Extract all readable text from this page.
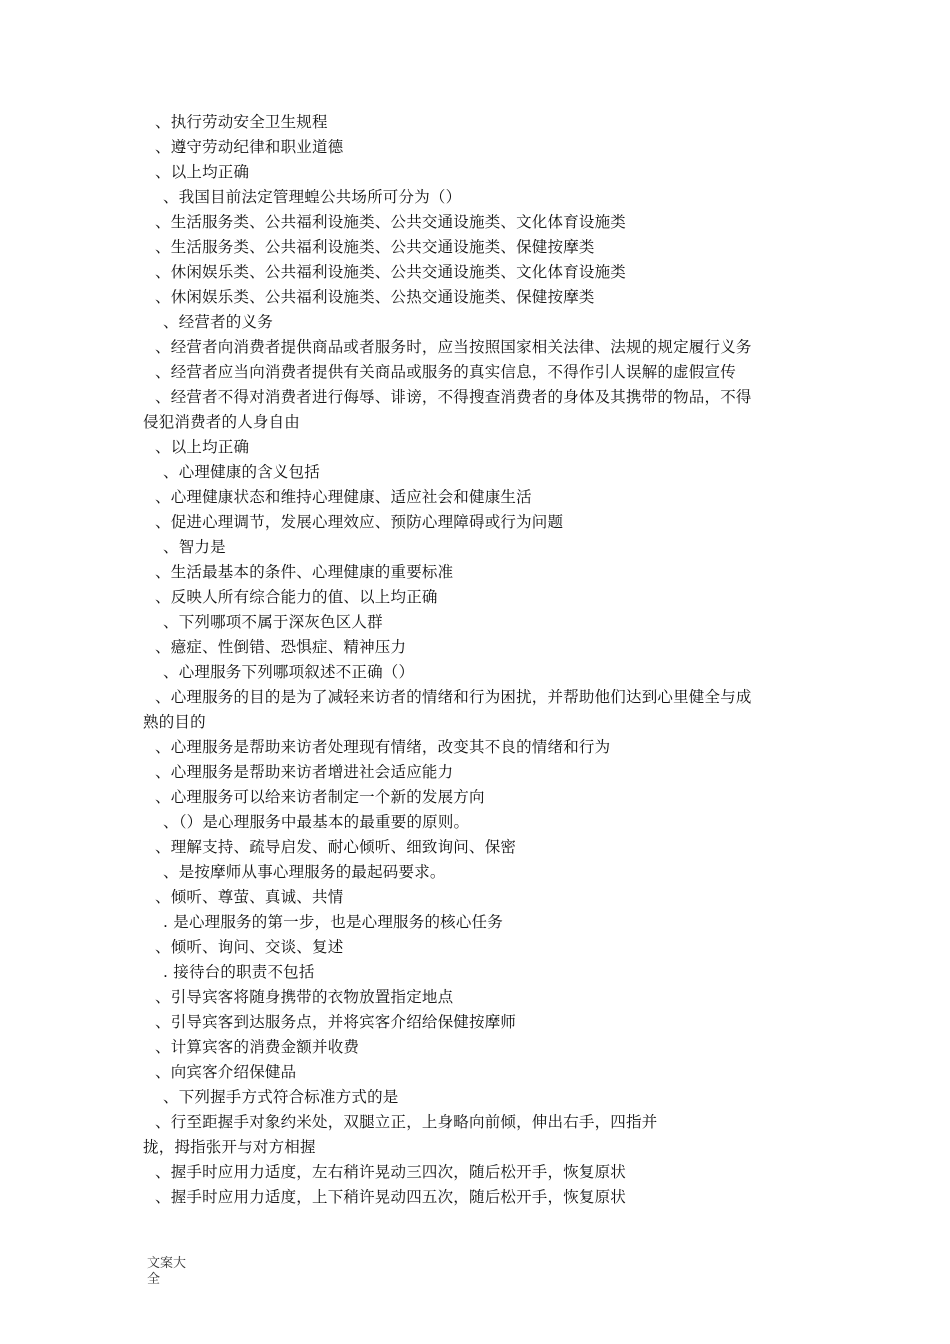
、执行劳动安全卫生规程
、遵守劳动纪律和职业道德
、以上均正确
、我国目前法定管理蝗公共场所可分为（）
、生活服务类、公共福利设施类、公共交通设施类、文化体育设施类
、生活服务类、公共福利设施类、公共交通设施类、保健按摩类
、休闲娱乐类、公共福利设施类、公共交通设施类、文化体育设施类
、休闲娱乐类、公共福利设施类、公热交通设施类、保健按摩类
、经营者的义务
、经营者向消费者提供商品或者服务时，应当按照国家相关法律、法规的规定履行义务
、经营者应当向消费者提供有关商品或服务的真实信息，不得作引人误解的虚假宣传
、经营者不得对消费者进行侮辱、诽谤，不得搜查消费者的身体及其携带的物品，不得
侵犯消费者的人身自由
、以上均正确
、心理健康的含义包括
、心理健康状态和维持心理健康、适应社会和健康生活
、促进心理调节，发展心理效应、预防心理障碍或行为问题
、智力是
、生活最基本的条件、心理健康的重要标准
、反映人所有综合能力的值、以上均正确
、下列哪项不属于深灰色区人群
、癔症、性倒错、恐惧症、精神压力
、心理服务下列哪项叙述不正确（）
、心理服务的目的是为了减轻来访者的情绪和行为困扰，并帮助他们达到心里健全与成
熟的目的
、心理服务是帮助来访者处理现有情绪，改变其不良的情绪和行为
、心理服务是帮助来访者增进社会适应能力
、心理服务可以给来访者制定一个新的发展方向
、（）是心理服务中最基本的最重要的原则。
、理解支持、疏导启发、耐心倾听、细致询问、保密
、是按摩师从事心理服务的最起码要求。
、倾听、尊萤、真诚、共情
. 是心理服务的第一步，也是心理服务的核心任务
、倾听、询问、交谈、复述
. 接待台的职责不包括
、引导宾客将随身携带的衣物放置指定地点
、引导宾客到达服务点，并将宾客介绍给保健按摩师
、计算宾客的消费金额并收费
、向宾客介绍保健品
、下列握手方式符合标准方式的是
、行至距握手对象约米处，双腿立正，上身略向前倾，伸出右手，四指并
拢，拇指张开与对方相握
、握手时应用力适度，左右稍许晃动三四次，随后松开手，恢复原状
、握手时应用力适度，上下稍许晃动四五次，随后松开手，恢复原状
文案大
全
